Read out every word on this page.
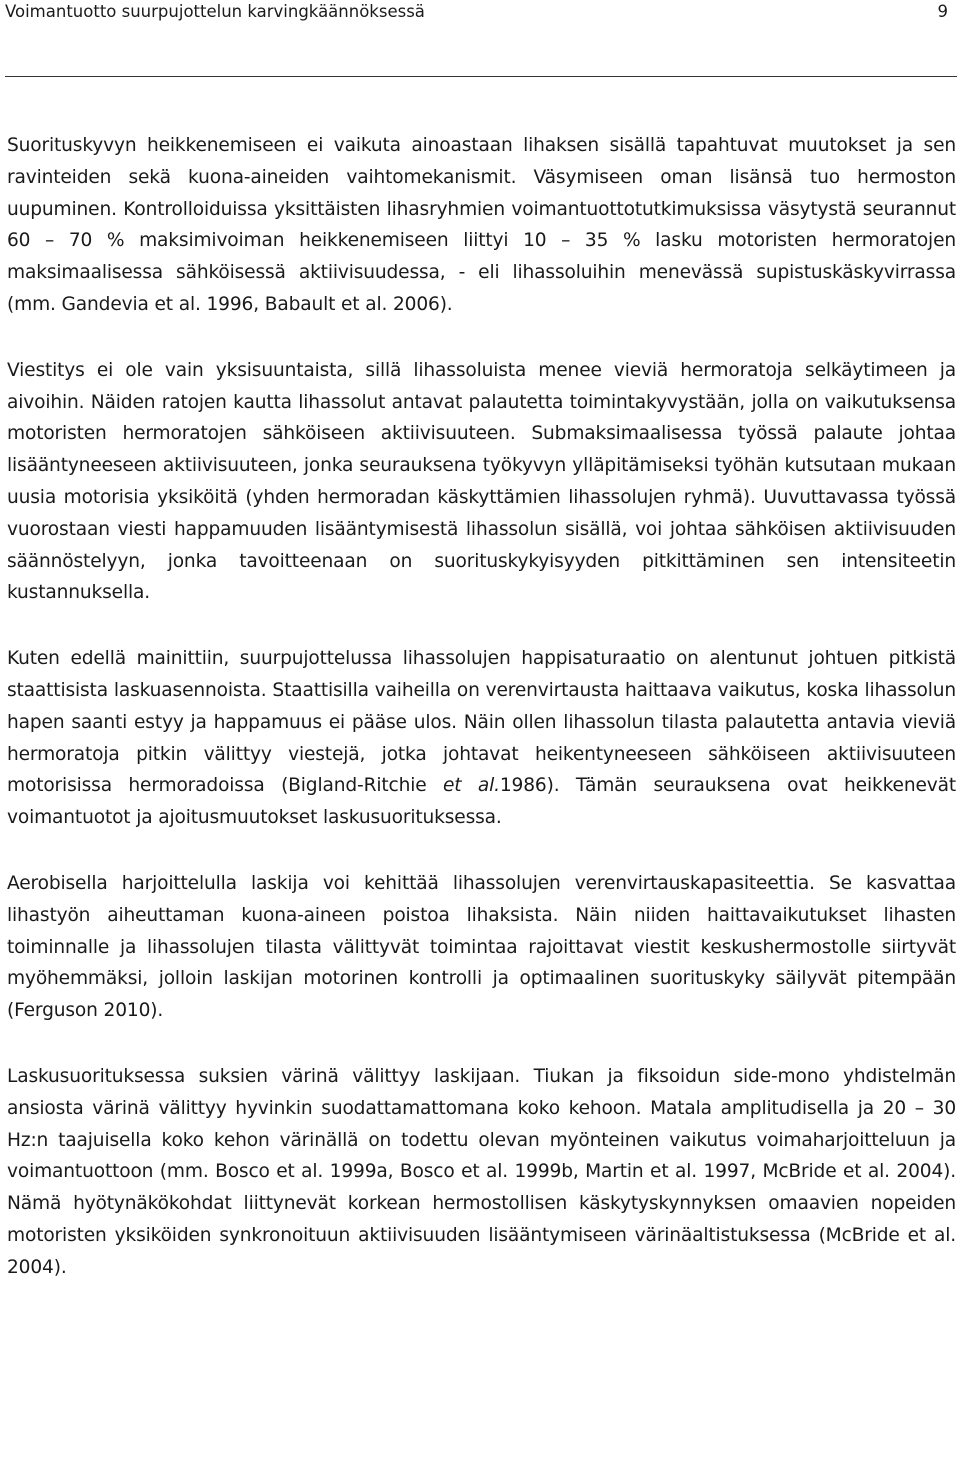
Voimantuotto suurpujottelun karvingkäännöksessä	9

Suorituskyvyn heikkenemiseen ei vaikuta ainoastaan lihaksen sisällä tapahtuvat muutokset ja sen ravinteiden sekä kuona-aineiden vaihtomekanismit. Väsymiseen oman lisänsä tuo hermoston uupuminen. Kontrolloiduissa yksittäisten lihasryhmien voimantuottotutkimuksissa väsytystä seurannut 60 – 70 % maksimivoiman heikkenemiseen liittyi 10 – 35 % lasku motoristen hermoratojen maksimaalisessa sähköisessä aktiivisuudessa, - eli lihassoluihin menevässä supistuskäskyvirrassa (mm. Gandevia et al. 1996, Babault et al. 2006).

Viestitys ei ole vain yksisuuntaista, sillä lihassoluista menee vieviä hermoratoja selkäytimeen ja aivoihin. Näiden ratojen kautta lihassolut antavat palautetta toimintakyvystään, jolla on vaikutuksensa motoristen hermoratojen sähköiseen aktiivisuuteen. Submaksimaalisessa työssä palaute johtaa lisääntyneeseen aktiivisuuteen, jonka seurauksena työkyvyn ylläpitämiseksi työhän kutsutaan mukaan uusia motorisia yksiköitä (yhden hermoradan käskyttämien lihassolujen ryhmä). Uuvuttavassa työssä vuorostaan viesti happamuuden lisääntymisestä lihassolun sisällä, voi johtaa sähköisen aktiivisuuden säännöstelyyn, jonka tavoitteenaan on suorituskykyisyyden pitkittäminen sen intensiteetin kustannuksella.

Kuten edellä mainittiin, suurpujottelussa lihassolujen happisaturaatio on alentunut johtuen pitkistä staattisista laskuasennoista. Staattisilla vaiheilla on verenvirtausta haittaava vaikutus, koska lihassolun hapen saanti estyy ja happamuus ei pääse ulos. Näin ollen lihassolun tilasta palautetta antavia vieviä hermoratoja pitkin välittyy viestejä, jotka johtavat heikentyneeseen sähköiseen aktiivisuuteen motorisissa hermoradoissa (Bigland-Ritchie et al.1986). Tämän seurauksena ovat heikkenevät voimantuotot ja ajoitusmuutokset laskusuorituksessa.

Aerobisella harjoittelulla laskija voi kehittää lihassolujen verenvirtauskapasiteettia. Se kasvattaa lihastyön aiheuttaman kuona-aineen poistoa lihaksista. Näin niiden haittavaikutukset lihasten toiminnalle ja lihassolujen tilasta välittyvät toimintaa rajoittavat viestit keskushermostolle siirtyvät myöhemmäksi, jolloin laskijan motorinen kontrolli ja optimaalinen suorituskyky säilyvät pitempään (Ferguson 2010).

Laskusuorituksessa suksien värinä välittyy laskijaan. Tiukan ja fiksoidun side-mono yhdistelmän ansiosta värinä välittyy hyvinkin suodattamattomana koko kehoon. Matala amplitudisella ja 20 – 30 Hz:n taajuisella koko kehon värinällä on todettu olevan myönteinen vaikutus voimaharjoitteluun ja voimantuottoon (mm. Bosco et al. 1999a, Bosco et al. 1999b, Martin et al. 1997, McBride et al. 2004). Nämä hyötynäkökohdat liittynevät korkean hermostollisen käskytyskynnyksen omaavien nopeiden motoristen yksiköiden synkronoituun aktiivisuuden lisääntymiseen värinäaltistuksessa (McBride et al. 2004).
